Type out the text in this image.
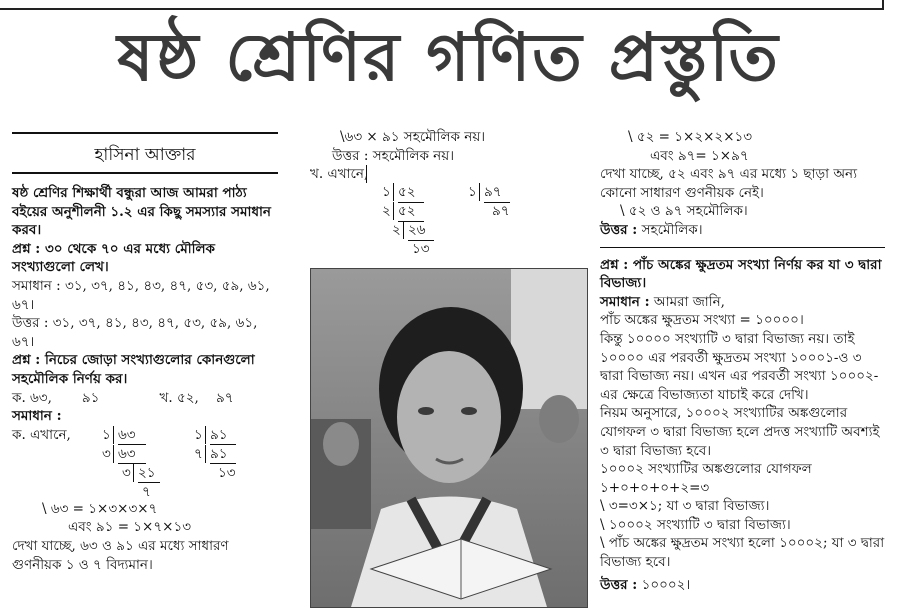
ষষ্ঠ শ্রেণির গণিত প্রস্তুতি
হাসিনা আক্তার

ষষ্ঠ শ্রেণির শিক্ষার্থী বন্ধুরা আজ আমরা পাঠ্য বইয়ের অনুশীলনী ১.২ এর কিছু সমস্যার সমাধান করব।

প্রশ্ন : ৩০ থেকে ৭০ এর মধ্যে মৌলিক সংখ্যাগুলো লেখ।

সমাধান : ৩১, ৩৭, ৪১, ৪৩, ৪৭, ৫৩, ৫৯, ৬১, ৬৭।

উত্তর : ৩১, ৩৭, ৪১, ৪৩, ৪৭, ৫৩, ৫৯, ৬১, ৬৭।

প্রশ্ন : নিচের জোড়া সংখ্যাগুলোর কোনগুলো সহমৌলিক নির্ণয় কর।

ক. ৬৩,       ৯১              খ. ৫২,    ৯৭

সমাধান :

ক. এখানে, ১ ৬৩
৩ ৬৩
৩ ২১
৭
১ ৯১
৭ ৯১
১৩

\ ৬৩ = ১×৩×৩×৭

এবং ৯১ = ১×৭×১৩

দেখা যাচ্ছে, ৬৩ ও ৯১ এর মধ্যে সাধারণ গুণনীয়ক ১ ও ৭ বিদ্যমান।

\৬৩ × ৯১ সহমৌলিক নয়।

উত্তর : সহমৌলিক নয়।

খ. এখানে,
১ ৫২
২ ৫২
২ ২৬
১৩
১ ৯৭
৯৭

\ ৫২ = ১×২×২×১৩

এবং ৯৭= ১×৯৭

দেখা যাচ্ছে, ৫২ এবং ৯৭ এর মধ্যে ১ ছাড়া অন্য কোনো সাধারণ গুণনীয়ক নেই।

\ ৫২ ও ৯৭ সহমৌলিক।

উত্তর : সহমৌলিক।

প্রশ্ন : পাঁচ অঙ্কের ক্ষুদ্রতম সংখ্যা নির্ণয় কর যা ৩ দ্বারা বিভাজ্য।

সমাধান : আমরা জানি,

পাঁচ অঙ্কের ক্ষুদ্রতম সংখ্যা = ১০০০০।

কিন্তু ১০০০০ সংখ্যাটি ৩ দ্বারা বিভাজ্য নয়। তাই ১০০০০ এর পরবর্তী ক্ষুদ্রতম সংখ্যা ১০০০১-ও ৩ দ্বারা বিভাজ্য নয়। এখন এর পরবর্তী সংখ্যা ১০০০২-এর ক্ষেত্রে বিভাজ্যতা যাচাই করে দেখি।

নিয়ম অনুসারে, ১০০০২ সংখ্যাটির অঙ্কগুলোর যোগফল ৩ দ্বারা বিভাজ্য হলে প্রদত্ত সংখ্যাটি অবশ্যই ৩ দ্বারা বিভাজ্য হবে।

১০০০২ সংখ্যাটির অঙ্কগুলোর যোগফল

১+০+০+০+২=৩

\ ৩=৩×১; যা ৩ দ্বারা বিভাজ্য।

\ ১০০০২ সংখ্যাটি ৩ দ্বারা বিভাজ্য।

\ পাঁচ অঙ্কের ক্ষুদ্রতম সংখ্যা হলো ১০০০২; যা ৩ দ্বারা বিভাজ্য হবে।

উত্তর : ১০০০২।
